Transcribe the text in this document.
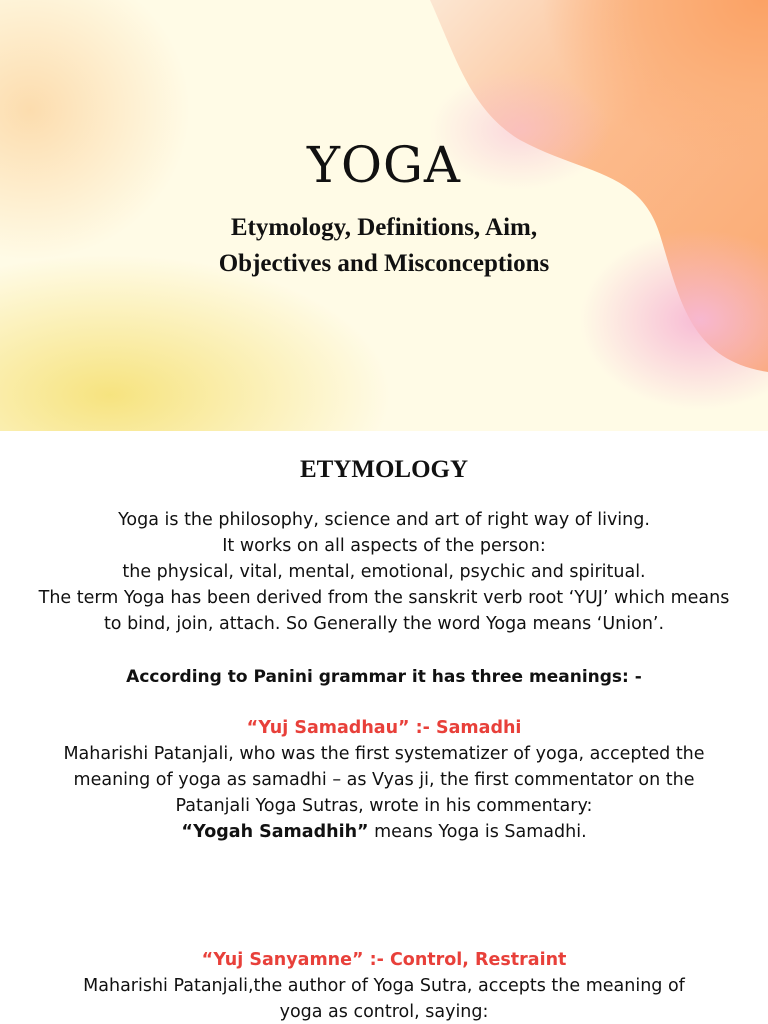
YOGA
Etymology, Definitions, Aim,
Objectives and Misconceptions
ETYMOLOGY

Yoga is the philosophy, science and art of right way of living.
It works on all aspects of the person:
the physical, vital, mental, emotional, psychic and spiritual.
The term Yoga has been derived from the sanskrit verb root ‘YUJ’ which means
to bind, join, attach. So Generally the word Yoga means ‘Union’.

According to Panini grammar it has three meanings: -

“Yuj Samadhau” :- Samadhi

Maharishi Patanjali, who was the first systematizer of yoga, accepted the
meaning of yoga as samadhi – as Vyas ji, the first commentator on the
Patanjali Yoga Sutras, wrote in his commentary:
“Yogah Samadhih” means Yoga is Samadhi.

“Yuj Sanyamne” :- Control, Restraint

Maharishi Patanjali,the author of Yoga Sutra, accepts the meaning of
yoga as control, saying:
